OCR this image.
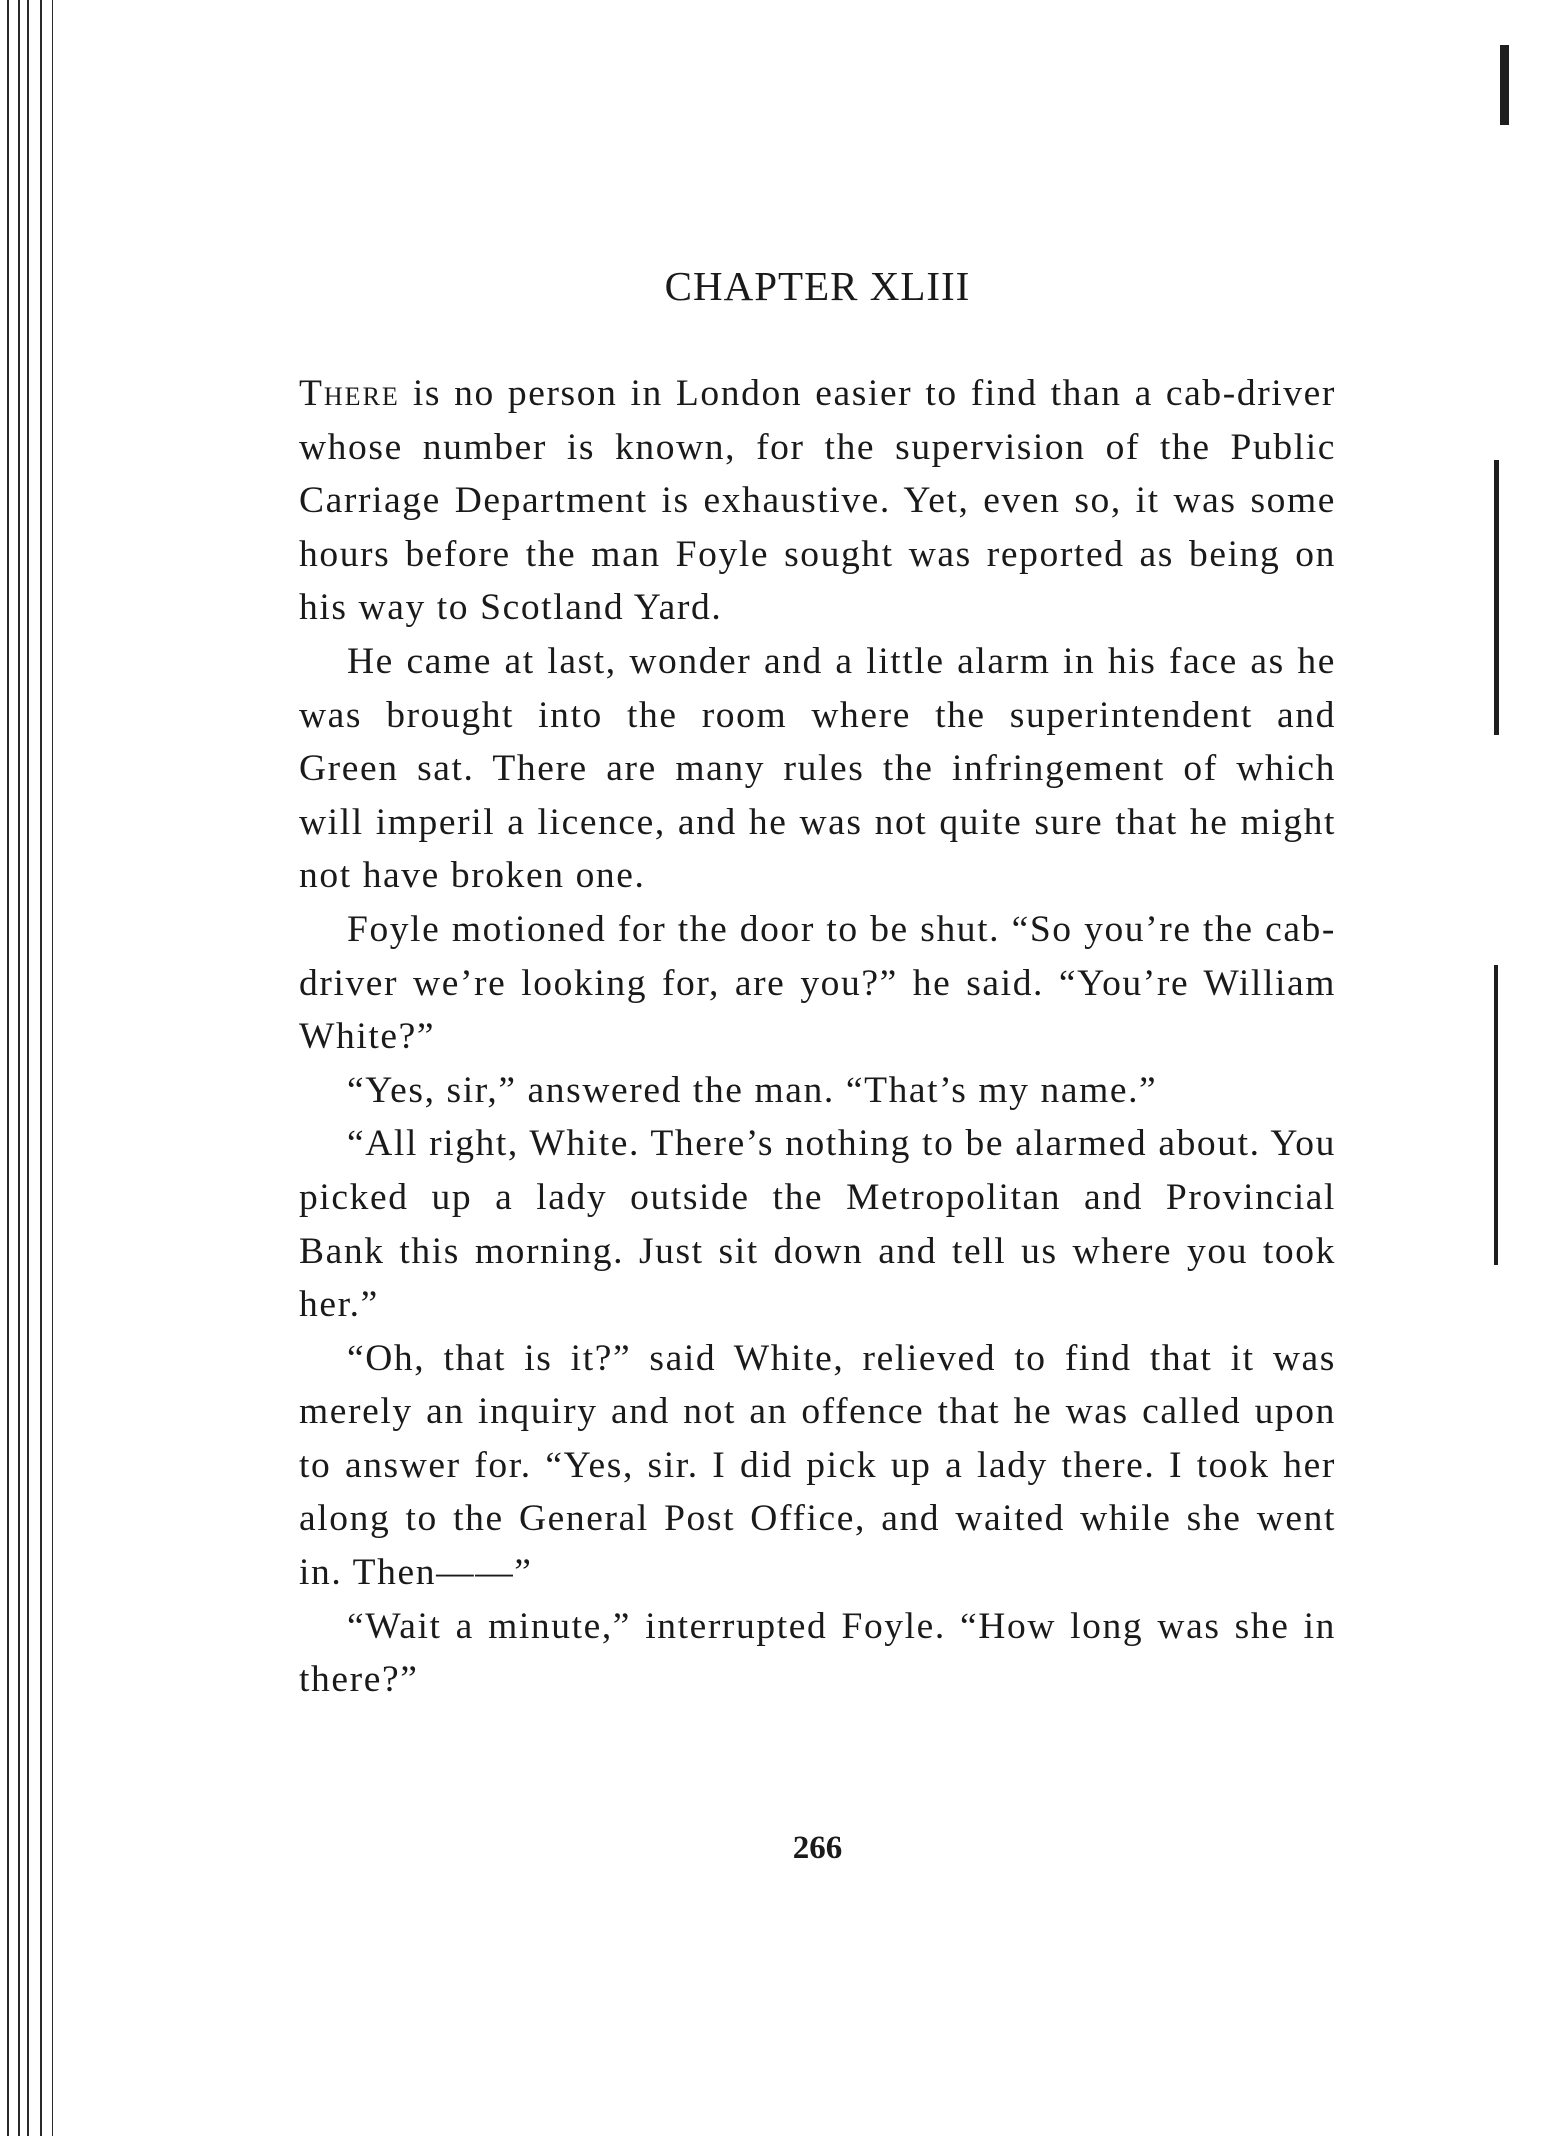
CHAPTER XLIII

There is no person in London easier to find than a cab-driver whose number is known, for the supervision of the Public Carriage Department is exhaustive. Yet, even so, it was some hours before the man Foyle sought was reported as being on his way to Scotland Yard.

He came at last, wonder and a little alarm in his face as he was brought into the room where the superintendent and Green sat. There are many rules the infringement of which will imperil a licence, and he was not quite sure that he might not have broken one.

Foyle motioned for the door to be shut. “So you’re the cab-driver we’re looking for, are you?” he said. “You’re William White?”

“Yes, sir,” answered the man. “That’s my name.”

“All right, White. There’s nothing to be alarmed about. You picked up a lady outside the Metropolitan and Provincial Bank this morning. Just sit down and tell us where you took her.”

“Oh, that is it?” said White, relieved to find that it was merely an inquiry and not an offence that he was called upon to answer for. “Yes, sir. I did pick up a lady there. I took her along to the General Post Office, and waited while she went in. Then——”

“Wait a minute,” interrupted Foyle. “How long was she in there?”

266
